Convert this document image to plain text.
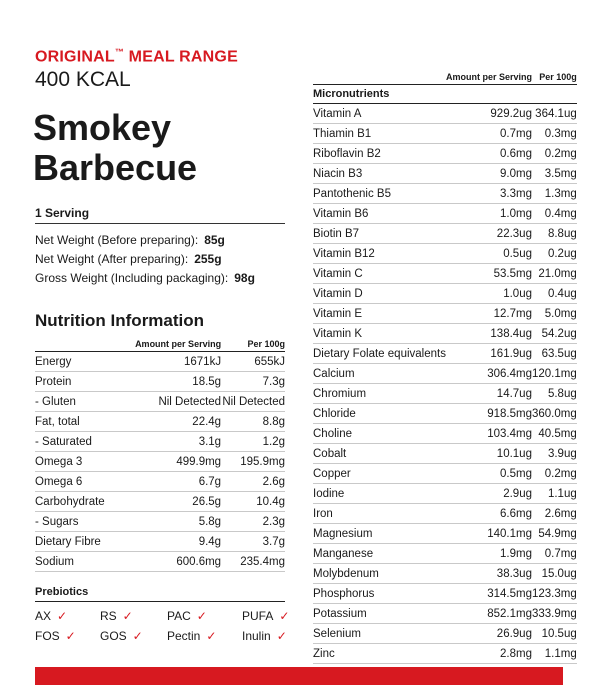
ORIGINAL™ MEAL RANGE
400 KCAL
Smokey
Barbecue
1 Serving
Net Weight (Before preparing): 85g
Net Weight (After preparing): 255g
Gross Weight (Including packaging): 98g
Nutrition Information
	Amount per Serving	Per 100g
Energy	1671kJ	655kJ
Protein	18.5g	7.3g
- Gluten	Nil Detected	Nil Detected
Fat, total	22.4g	8.8g
- Saturated	3.1g	1.2g
Omega 3	499.9mg	195.9mg
Omega 6	6.7g	2.6g
Carbohydrate	26.5g	10.4g
- Sugars	5.8g	2.3g
Dietary Fibre	9.4g	3.7g
Sodium	600.6mg	235.4mg
	Amount per Serving	Per 100g
Micronutrients		
Vitamin A	929.2ug	364.1ug
Thiamin B1	0.7mg	0.3mg
Riboflavin B2	0.6mg	0.2mg
Niacin B3	9.0mg	3.5mg
Pantothenic B5	3.3mg	1.3mg
Vitamin B6	1.0mg	0.4mg
Biotin B7	22.3ug	8.8ug
Vitamin B12	0.5ug	0.2ug
Vitamin C	53.5mg	21.0mg
Vitamin D	1.0ug	0.4ug
Vitamin E	12.7mg	5.0mg
Vitamin K	138.4ug	54.2ug
Dietary Folate equivalents	161.9ug	63.5ug
Calcium	306.4mg	120.1mg
Chromium	14.7ug	5.8ug
Chloride	918.5mg	360.0mg
Choline	103.4mg	40.5mg
Cobalt	10.1ug	3.9ug
Copper	0.5mg	0.2mg
Iodine	2.9ug	1.1ug
Iron	6.6mg	2.6mg
Magnesium	140.1mg	54.9mg
Manganese	1.9mg	0.7mg
Molybdenum	38.3ug	15.0ug
Phosphorus	314.5mg	123.3mg
Potassium	852.1mg	333.9mg
Selenium	26.9ug	10.5ug
Zinc	2.8mg	1.1mg
Prebiotics
AX ✓	RS ✓	PAC ✓	PUFA ✓
FOS ✓ GOS ✓ Pectin ✓ Inulin ✓
